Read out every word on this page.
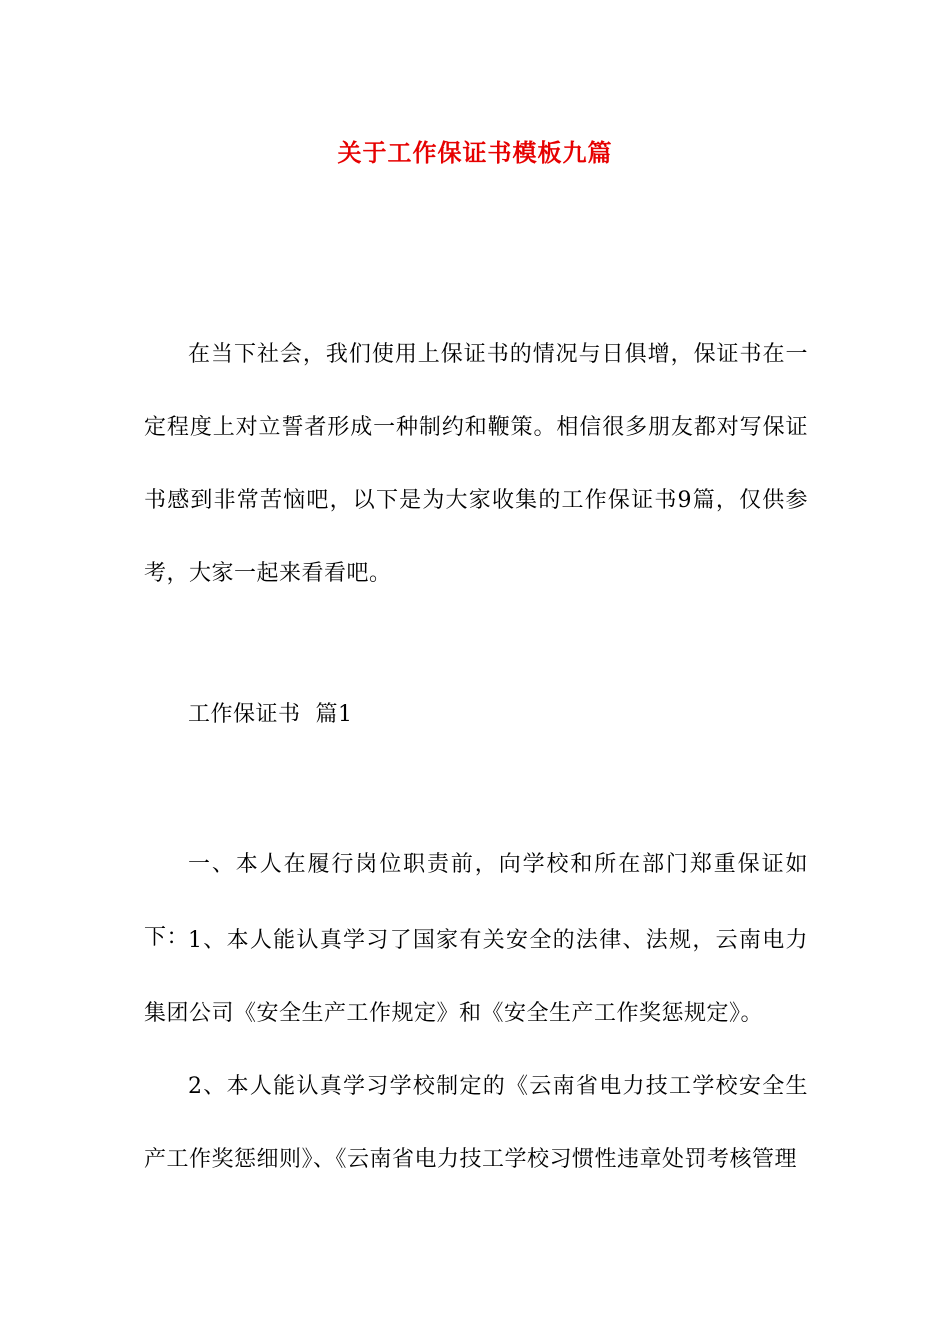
关于工作保证书模板九篇

在当下社会，我们使用上保证书的情况与日俱增，保证书在一定程度上对立誓者形成一种制约和鞭策。相信很多朋友都对写保证书感到非常苦恼吧，以下是为大家收集的工作保证书9篇，仅供参考，大家一起来看看吧。

工作保证书  篇1

一、本人在履行岗位职责前，向学校和所在部门郑重保证如下：

1、本人能认真学习了国家有关安全的法律、法规，云南电力集团公司《安全生产工作规定》和《安全生产工作奖惩规定》。

2、本人能认真学习学校制定的《云南省电力技工学校安全生产工作奖惩细则》、《云南省电力技工学校习惯性违章处罚考核管理
